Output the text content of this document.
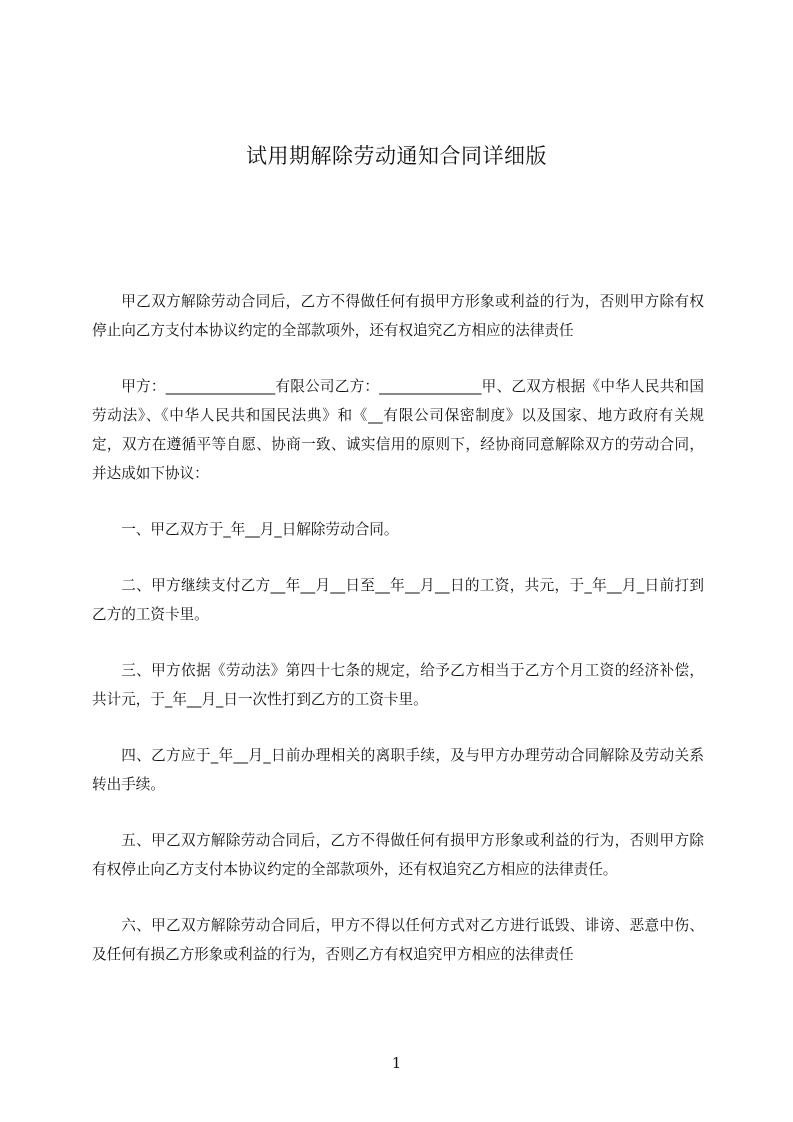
试用期解除劳动通知合同详细版

甲乙双方解除劳动合同后，乙方不得做任何有损甲方形象或利益的行为，否则甲方除有权停止向乙方支付本协议约定的全部款项外，还有权追究乙方相应的法律责任

甲方：_______________有限公司乙方：______________甲、乙双方根据《中华人民共和国劳动法》、《中华人民共和国民法典》和《__有限公司保密制度》以及国家、地方政府有关规定，双方在遵循平等自愿、协商一致、诚实信用的原则下，经协商同意解除双方的劳动合同，并达成如下协议：

一、甲乙双方于_年__月_日解除劳动合同。

二、甲方继续支付乙方__年__月__日至__年__月__日的工资，共元，于_年__月_日前打到乙方的工资卡里。

三、甲方依据《劳动法》第四十七条的规定，给予乙方相当于乙方个月工资的经济补偿，共计元，于_年__月_日一次性打到乙方的工资卡里。

四、乙方应于_年__月_日前办理相关的离职手续，及与甲方办理劳动合同解除及劳动关系转出手续。

五、甲乙双方解除劳动合同后，乙方不得做任何有损甲方形象或利益的行为，否则甲方除有权停止向乙方支付本协议约定的全部款项外，还有权追究乙方相应的法律责任。

六、甲乙双方解除劳动合同后，甲方不得以任何方式对乙方进行诋毁、诽谤、恶意中伤、及任何有损乙方形象或利益的行为，否则乙方有权追究甲方相应的法律责任

1
